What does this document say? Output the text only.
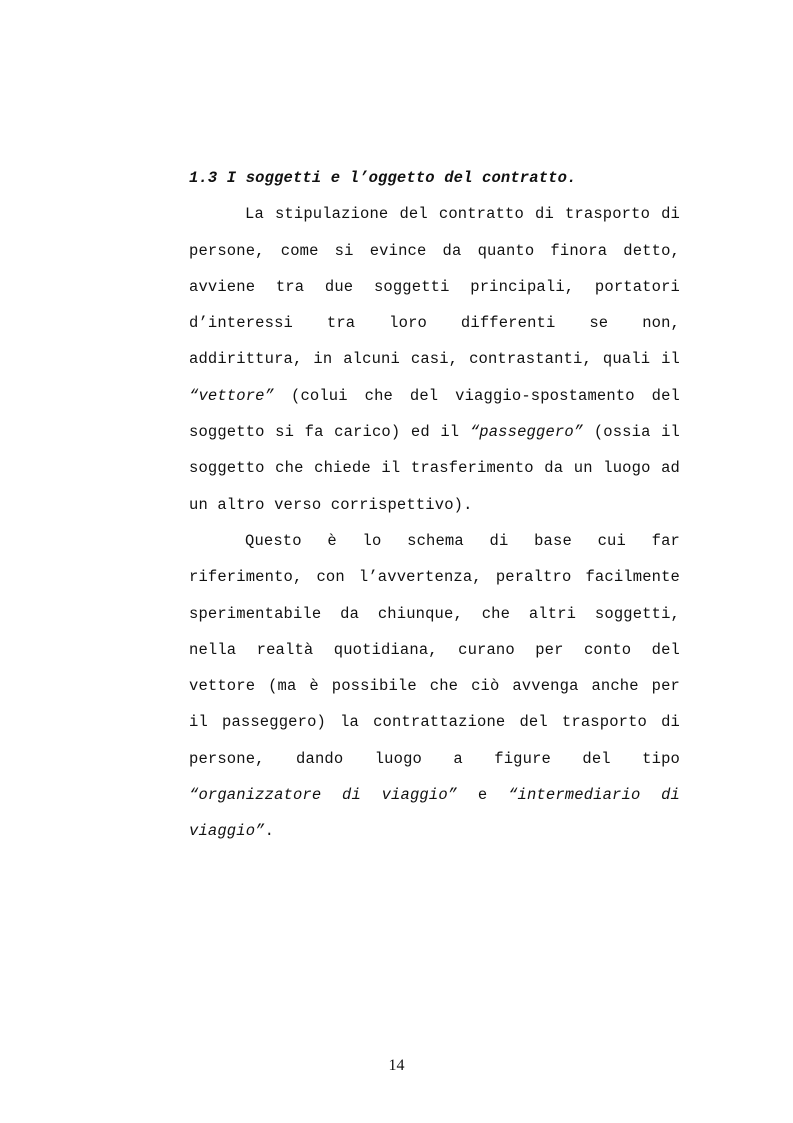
1.3 I soggetti e l’oggetto del contratto.

La stipulazione del contratto di trasporto di persone, come si evince da quanto finora detto, avviene tra due soggetti principali, portatori d’interessi tra loro differenti se non, addirittura, in alcuni casi, contrastanti, quali il “vettore” (colui che del viaggio-spostamento del soggetto si fa carico) ed il “passeggero” (ossia il soggetto che chiede il trasferimento da un luogo ad un altro verso corrispettivo).

Questo è lo schema di base cui far riferimento, con l’avvertenza, peraltro facilmente sperimentabile da chiunque, che altri soggetti, nella realtà quotidiana, curano per conto del vettore (ma è possibile che ciò avvenga anche per il passeggero) la contrattazione del trasporto di persone, dando luogo a figure del tipo “organizzatore di viaggio” e “intermediario di viaggio”.

14
